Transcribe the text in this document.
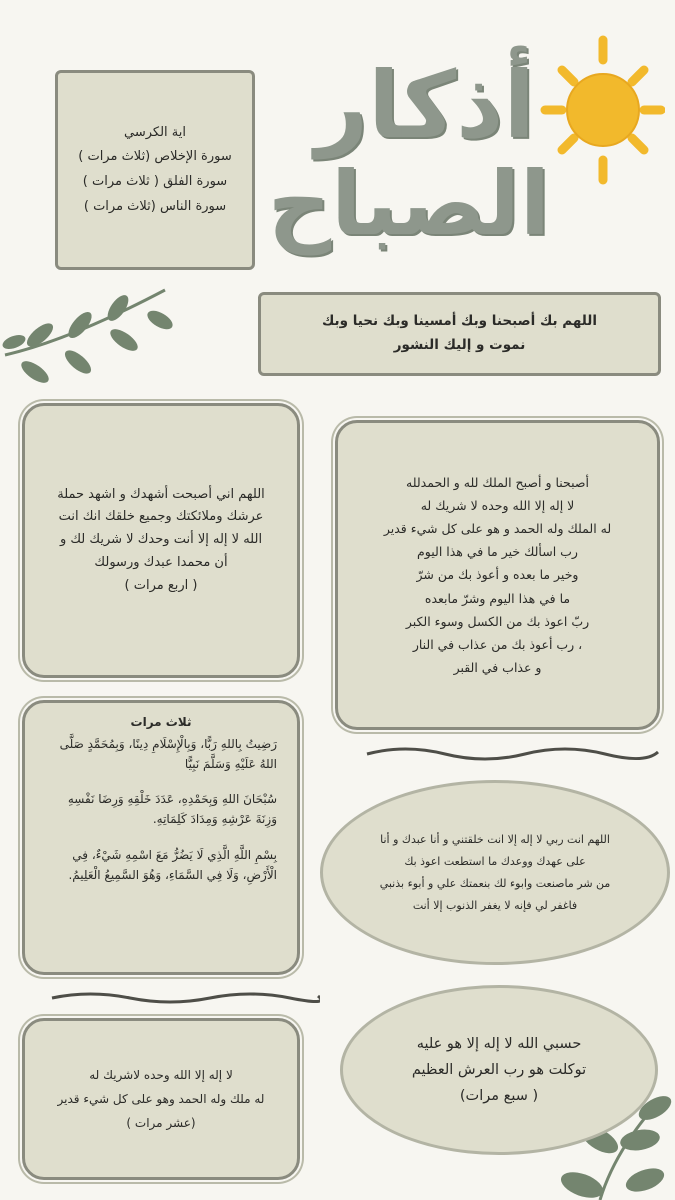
أذكار
الصباح
اية الكرسي
سورة الإخلاص (ثلاث مرات )
سورة الفلق ( ثلاث مرات )
سورة الناس (ثلاث مرات )
اللهم بك أصبحنا وبك أمسينا وبك نحيا وبك
نموت و إليك النشور
اللهم اني أصبحت أشهدك و اشهد حملة
عرشك وملائكتك وجميع خلقك انك انت
الله لا إله إلا أنت وحدك لا شريك لك و
أن محمدا عبدك ورسولك
( اربع مرات )
أصبحنا و أصبح الملك لله و الحمدلله
لا إله إلا الله وحده لا شريك له
له الملك وله الحمد و هو على كل شيء قدير
رب اسألك خير ما في هذا اليوم
وخير ما بعده و أعوذ بك من شرّ
ما في هذا اليوم وشرّ مابعده
ربّ اعوذ بك من الكسل وسوء الكبر
، رب أعوذ بك من عذاب في النار
و عذاب في القبر
ثلاث مرات
رَضِيتُ بِاللهِ رَبًّا، وَبِالْإِسْلَامِ دِينًا، وَبِمُحَمَّدٍ صَلَّى اللهُ عَلَيْهِ وَسَلَّمَ نَبِيًّا
سُبْحَانَ اللهِ وَبِحَمْدِهِ، عَدَدَ خَلْقِهِ وَرِضَا نَفْسِهِ وَزِنَةَ عَرْشِهِ وَمِدَادَ كَلِمَاتِهِ.
بِسْمِ اللَّهِ الَّذِي لَا يَضُرُّ مَعَ اسْمِهِ شَيْءٌ، فِي الْأَرْضِ، وَلَا فِي السَّمَاءِ، وَهُوَ السَّمِيعُ الْعَلِيمُ.
اللهم انت ربي لا إله إلا انت خلقتني و أنا عبدك و أنا
على عهدك ووعدك ما استطعت اعوذ بك
من شر ماصنعت وابوء لك بنعمتك علي و أبوء بذنبي
فاغفر لي فإنه لا يغفر الذنوب إلا أنت
لا إله إلا الله وحده لاشريك له
له ملك وله الحمد وهو على كل شيء قدير
(عشر مرات )
حسبي الله لا إله إلا هو عليه
توكلت هو رب العرش العظيم
( سبع مرات)
